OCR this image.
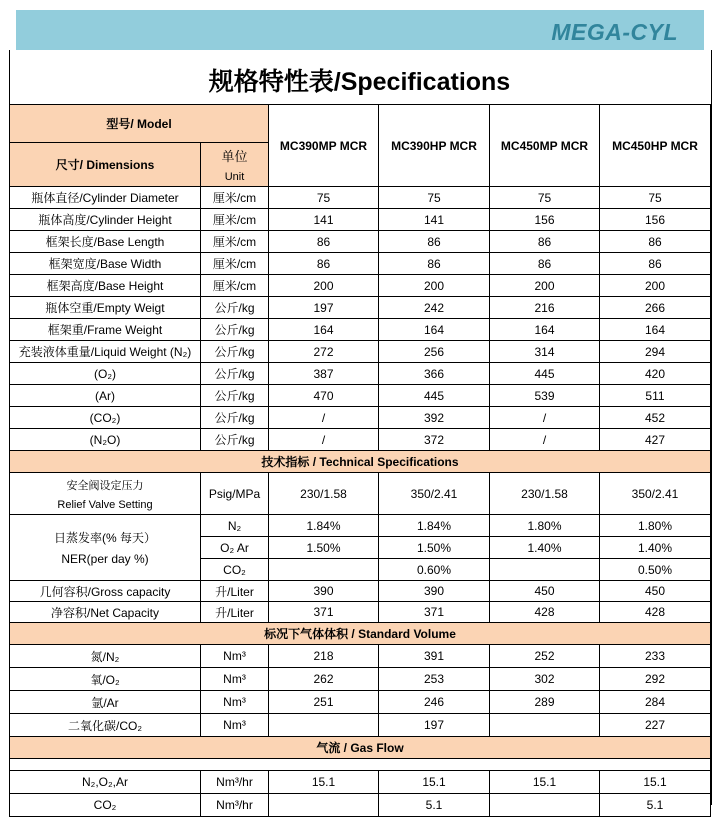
MEGA-CYL
规格特性表/Specifications
型号/ Model		MC390MP MCR	MC390HP MCR	MC450MP MCR	MC450HP MCR
尺寸/ Dimensions	单位
Unit				

瓶体直径/Cylinder Diameter	厘米/cm	75	75	75	75
瓶体高度/Cylinder Height	厘米/cm	141	141	156	156
框架长度/Base Length	厘米/cm	86	86	86	86
框架宽度/Base Width	厘米/cm	86	86	86	86
框架高度/Base Height	厘米/cm	200	200	200	200
瓶体空重/Empty Weigt	公斤/kg	197	242	216	266
框架重/Frame Weight	公斤/kg	164	164	164	164
充装液体重量/Liquid Weight (N₂)	公斤/kg	272	256	314	294
(O₂)	公斤/kg	387	366	445	420
(Ar)	公斤/kg	470	445	539	511
(CO₂)	公斤/kg	/	392	/	452
(N₂O)	公斤/kg	/	372	/	427
技术指标 / Technical Specifications					

安全阀设定压力
Relief Valve Setting	Psig/MPa	230/1.58	350/2.41	230/1.58	350/2.41

日蒸发率(% 每天）
NER(per day %)	N₂	1.84%	1.84%	1.80%	1.80%
	O₂ Ar	1.50%	1.50%	1.40%	1.40%
	CO₂		0.60%		0.50%
几何容积/Gross capacity	升/Liter	390	390	450	450
净容积/Net Capacity	升/Liter	371	371	428	428
标况下气体体积 / Standard Volume					
氮/N₂	Nm³	218	391	252	233
氧/O₂	Nm³	262	253	302	292
氩/Ar	Nm³	251	246	289	284
二氧化碳/CO₂	Nm³		197		227
气流 / Gas Flow					

N₂,O₂,Ar	Nm³/hr	15.1	15.1	15.1	15.1
CO₂	Nm³/hr		5.1		5.1
